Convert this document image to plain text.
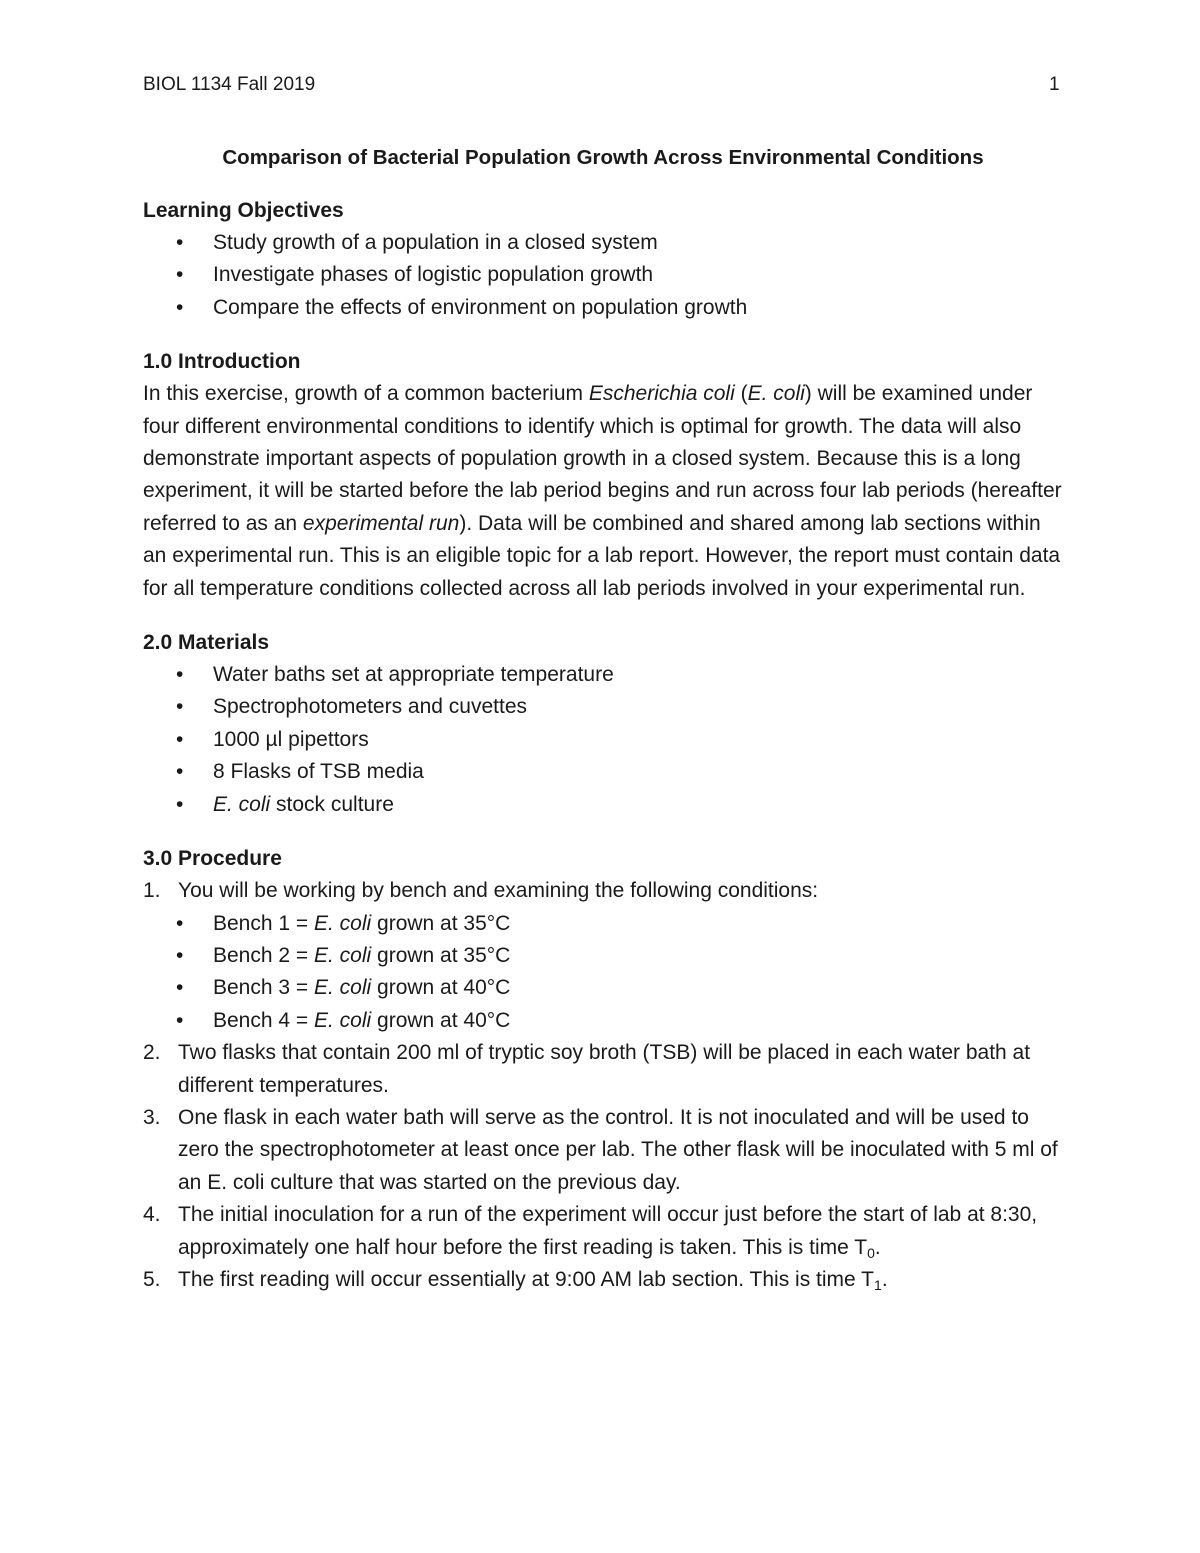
BIOL 1134 Fall 2019	1
Comparison of Bacterial Population Growth Across Environmental Conditions
Learning Objectives
• Study growth of a population in a closed system
• Investigate phases of logistic population growth
• Compare the effects of environment on population growth
1.0 Introduction

In this exercise, growth of a common bacterium Escherichia coli (E. coli) will be examined under four different environmental conditions to identify which is optimal for growth. The data will also demonstrate important aspects of population growth in a closed system. Because this is a long experiment, it will be started before the lab period begins and run across four lab periods (hereafter referred to as an experimental run). Data will be combined and shared among lab sections within an experimental run. This is an eligible topic for a lab report. However, the report must contain data for all temperature conditions collected across all lab periods involved in your experimental run.

2.0 Materials
• Water baths set at appropriate temperature
• Spectrophotometers and cuvettes
• 1000 µl pipettors
• 8 Flasks of TSB media
• E. coli stock culture
3.0 Procedure
1. You will be working by bench and examining the following conditions:
• Bench 1 = E. coli grown at 35°C
• Bench 2 = E. coli grown at 35°C
• Bench 3 = E. coli grown at 40°C
• Bench 4 = E. coli grown at 40°C
2. Two flasks that contain 200 ml of tryptic soy broth (TSB) will be placed in each water bath at different temperatures.
3. One flask in each water bath will serve as the control. It is not inoculated and will be used to zero the spectrophotometer at least once per lab. The other flask will be inoculated with 5 ml of an E. coli culture that was started on the previous day.
4. The initial inoculation for a run of the experiment will occur just before the start of lab at 8:30, approximately one half hour before the first reading is taken. This is time $T_0$.
5. The first reading will occur essentially at 9:00 AM lab section. This is time $T_1$.
